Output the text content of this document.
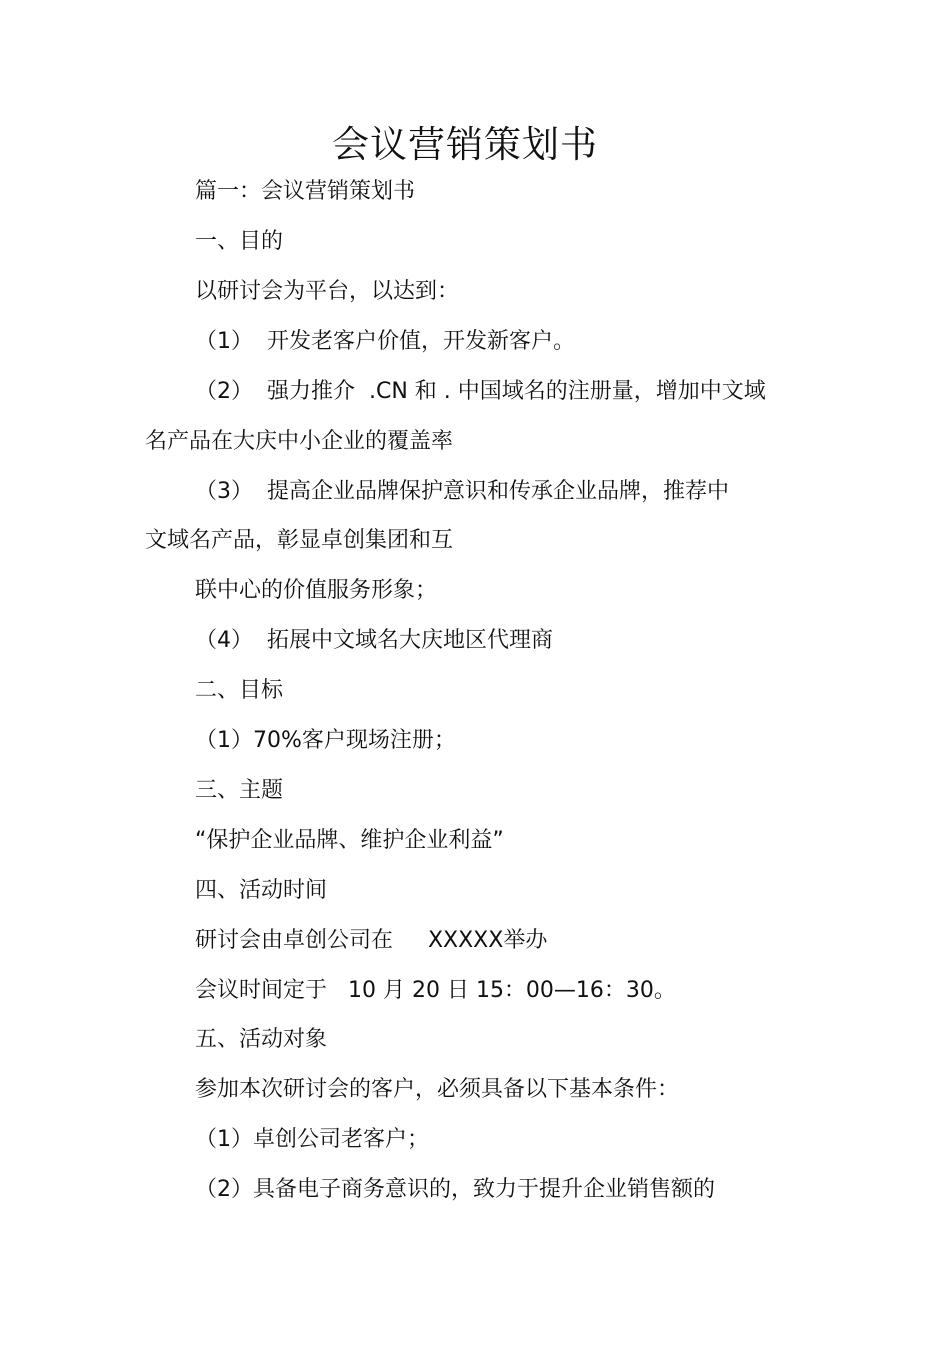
会议营销策划书
篇一：会议营销策划书
一、目的
以研讨会为平台，以达到：
（1）  开发老客户价值，开发新客户。
（2）  强力推介  .CN 和 . 中国域名的注册量，增加中文域
名产品在大庆中小企业的覆盖率
（3）  提高企业品牌保护意识和传承企业品牌，推荐中
文域名产品，彰显卓创集团和互
联中心的价值服务形象；
（4）  拓展中文域名大庆地区代理商
二、目标
（1）70%客户现场注册；
三、主题
“保护企业品牌、维护企业利益”
四、活动时间
研讨会由卓创公司在     XXXXX举办
会议时间定于   10 月 20 日 15：00—16：30。
五、活动对象
参加本次研讨会的客户，必须具备以下基本条件：
（1）卓创公司老客户；
（2）具备电子商务意识的，致力于提升企业销售额的
